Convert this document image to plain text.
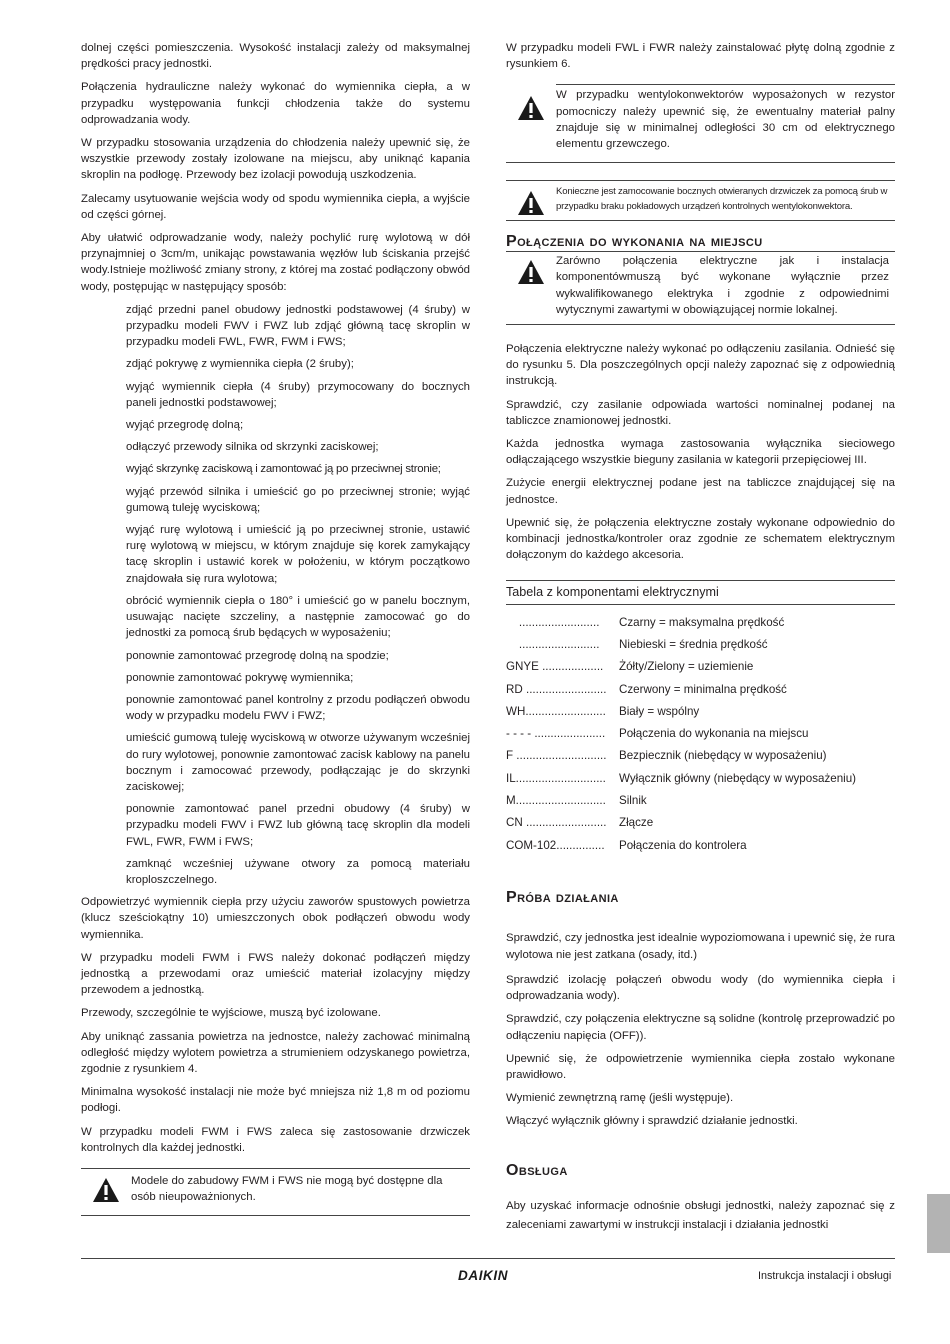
dolnej części pomieszczenia. Wysokość instalacji zależy od maksymalnej prędkości pracy jednostki.

Połączenia hydrauliczne należy wykonać do wymiennika ciepła, a w przypadku występowania funkcji chłodzenia także do systemu odprowadzania wody.

W przypadku stosowania urządzenia do chłodzenia należy upewnić się, że wszystkie przewody zostały izolowane na miejscu, aby uniknąć kapania skroplin na podłogę. Przewody bez izolacji powodują uszkodzenia.

Zalecamy usytuowanie wejścia wody od spodu wymiennika ciepła, a wyjście od części górnej.

Aby ułatwić odprowadzanie wody, należy pochylić rurę wylotową w dół przynajmniej o 3cm/m, unikając powstawania węzłów lub ściskania przejść wody.Istnieje możliwość zmiany strony, z której ma zostać podłączony obwód wody, postępując w następujący sposób:

zdjąć przedni panel obudowy jednostki podstawowej (4 śruby) w przypadku modeli FWV i FWZ lub zdjąć główną tacę skroplin w przypadku modeli FWL, FWR, FWM i FWS;

zdjąć pokrywę z wymiennika ciepła (2 śruby);

wyjąć wymiennik ciepła (4 śruby) przymocowany do bocznych paneli jednostki podstawowej;

wyjąć przegrodę dolną;

odłączyć przewody silnika od skrzynki zaciskowej;

wyjąć skrzynkę zaciskową i zamontować ją po przeciwnej stronie;

wyjąć przewód silnika i umieścić go po przeciwnej stronie; wyjąć gumową tuleję wyciskową;

wyjąć rurę wylotową i umieścić ją po przeciwnej stronie, ustawić rurę wylotową w miejscu, w którym znajduje się korek zamykający tacę skroplin i ustawić korek w położeniu, w którym początkowo znajdowała się rura wylotowa;

obrócić wymiennik ciepła o 180° i umieścić go w panelu bocznym, usuwając nacięte szczeliny, a następnie zamocować go do jednostki za pomocą śrub będących w wyposażeniu;

ponownie zamontować przegrodę dolną na spodzie;

ponownie zamontować pokrywę wymiennika;

ponownie zamontować panel kontrolny z przodu podłączeń obwodu wody w przypadku modelu FWV i FWZ;

umieścić gumową tuleję wyciskową w otworze używanym wcześniej do rury wylotowej, ponownie zamontować zacisk kablowy na panelu bocznym i zamocować przewody, podłączając je do skrzynki zaciskowej;

ponownie zamontować panel przedni obudowy (4 śruby) w przypadku modeli FWV i FWZ lub główną tacę skroplin dla modeli FWL, FWR, FWM i FWS;

zamknąć wcześniej używane otwory za pomocą materiału kroploszczelnego.

Odpowietrzyć wymiennik ciepła przy użyciu zaworów spustowych powietrza (klucz sześciokątny 10) umieszczonych obok podłączeń obwodu wody wymiennika.

W przypadku modeli FWM i FWS należy dokonać podłączeń między jednostką a przewodami oraz umieścić materiał izolacyjny między przewodem a jednostką.

Przewody, szczególnie te wyjściowe, muszą być izolowane.

Aby uniknąć zassania powietrza na jednostce, należy zachować minimalną odległość między wylotem powietrza a strumieniem odzyskanego powietrza, zgodnie z rysunkiem 4.

Minimalna wysokość instalacji nie może być mniejsza niż 1,8 m od poziomu podłogi.

W przypadku modeli FWM i FWS zaleca się zastosowanie drzwiczek kontrolnych dla każdej jednostki.

Modele do zabudowy FWM i FWS nie mogą być dostępne dla osób nieupoważnionych.

W przypadku modeli FWL i FWR należy zainstalować płytę dolną zgodnie z rysunkiem 6.

W przypadku wentylokonwektorów wyposażonych w rezystor pomocniczy należy upewnić się, że ewentualny materiał palny znajduje się w minimalnej odległości 30 cm od elektrycznego elementu grzewczego.

Konieczne jest zamocowanie bocznych otwieranych drzwiczek za pomocą śrub w przypadku braku pokładowych urządzeń kontrolnych wentylokonwektora.

Połączenia do wykonania na miejscu

Zarówno połączenia elektryczne jak i instalacja komponentówmuszą być wykonane wyłącznie przez wykwalifikowanego elektryka i zgodnie z odpowiednimi wytycznymi zawartymi w obowiązującej normie lokalnej.

Połączenia elektryczne należy wykonać po odłączeniu zasilania. Odnieść się do rysunku 5. Dla poszczególnych opcji należy zapoznać się z odpowiednią instrukcją.

Sprawdzić, czy zasilanie odpowiada wartości nominalnej podanej na tabliczce znamionowej jednostki.

Każda jednostka wymaga zastosowania wyłącznika sieciowego odłączającego wszystkie bieguny zasilania w kategorii przepięciowej III.

Zużycie energii elektrycznej podane jest na tabliczce znajdującej się na jednostce.

Upewnić się, że połączenia elektryczne zostały wykonane odpowiednio do kombinacji jednostka/kontroler oraz zgodnie ze schematem elektrycznym dołączonym do każdego akcesoria.

Tabela z komponentami elektrycznymi
.........................	Czarny = maksymalna prędkość
.........................	Niebieski = średnia prędkość
GNYE ...................	Żółty/Zielony = uziemienie
RD .........................	Czerwony = minimalna prędkość
WH.........................	Biały = wspólny
- - - - ......................	Połączenia do wykonania na miejscu
F ............................	Bezpiecznik (niebędący w wyposażeniu)
IL............................	Wyłącznik główny (niebędący w wyposażeniu)
M............................	Silnik
CN .........................	Złącze
COM-102...............	Połączenia do kontrolera
Próba działania

Sprawdzić, czy jednostka jest idealnie wypoziomowana i upewnić się, że rura wylotowa nie jest zatkana (osady, itd.)

Sprawdzić izolację połączeń obwodu wody (do wymiennika ciepła i odprowadzania wody).

Sprawdzić, czy połączenia elektryczne są solidne (kontrolę przeprowadzić po odłączeniu napięcia (OFF)).

Upewnić się, że odpowietrzenie wymiennika ciepła zostało wykonane prawidłowo.

Wymienić zewnętrzną ramę (jeśli występuje).

Włączyć wyłącznik główny i sprawdzić działanie jednostki.

Obsługa

Aby uzyskać informacje odnośnie obsługi jednostki, należy zapoznać się z zaleceniami zawartymi w instrukcji instalacji i działania jednostki

DAIKIN	Instrukcja instalacji i obsługi
